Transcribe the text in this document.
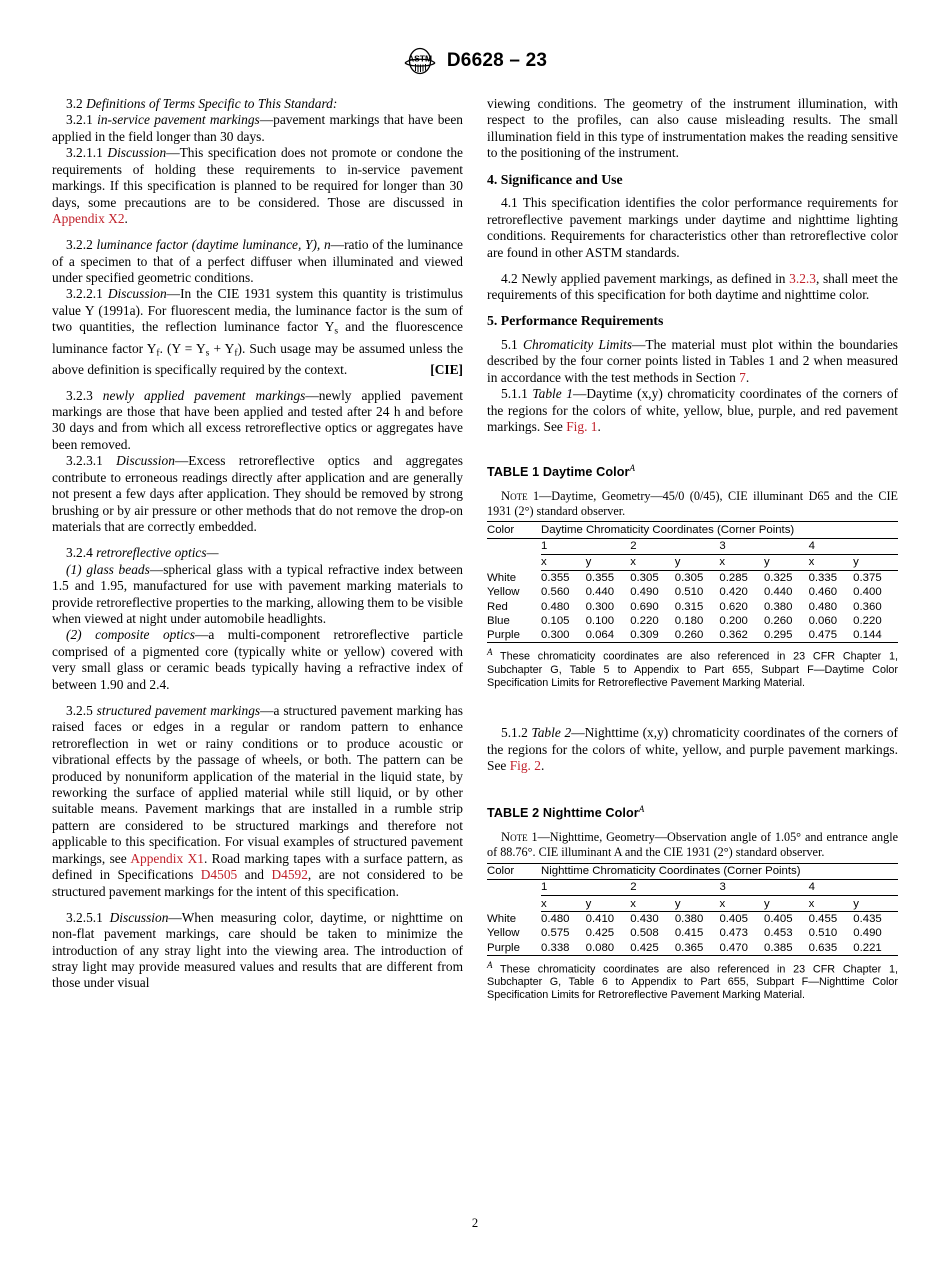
ASTM D6628 – 23

3.2 Definitions of Terms Specific to This Standard:

3.2.1 in-service pavement markings—pavement markings that have been applied in the field longer than 30 days.

3.2.1.1 Discussion—This specification does not promote or condone the requirements of holding these requirements to in-service pavement markings. If this specification is planned to be required for longer than 30 days, some precautions are to be considered. Those are discussed in Appendix X2.

3.2.2 luminance factor (daytime luminance, Y), n—ratio of the luminance of a specimen to that of a perfect diffuser when illuminated and viewed under specified geometric conditions.

3.2.2.1 Discussion—In the CIE 1931 system this quantity is tristimulus value Y (1991a). For fluorescent media, the luminance factor is the sum of two quantities, the reflection luminance factor $Y_s$ and the fluorescence luminance factor $Y_f$. $(Y = Y_s + Y_f)$. Such usage may be assumed unless the above definition is specifically required by the context.	[CIE]

3.2.3 newly applied pavement markings—newly applied pavement markings are those that have been applied and tested after 24 h and before 30 days and from which all excess retroreflective optics or aggregates have been removed.

3.2.3.1 Discussion—Excess retroreflective optics and aggregates contribute to erroneous readings directly after application and are generally not present a few days after application. They should be removed by strong brushing or by air pressure or other methods that do not remove the drop-on materials that are correctly embedded.

3.2.4 retroreflective optics—

(1) glass beads—spherical glass with a typical refractive index between 1.5 and 1.95, manufactured for use with pavement marking materials to provide retroreflective properties to the marking, allowing them to be visible when viewed at night under automobile headlights.

(2) composite optics—a multi-component retroreflective particle comprised of a pigmented core (typically white or yellow) covered with very small glass or ceramic beads typically having a refractive index of between 1.90 and 2.4.

3.2.5 structured pavement markings—a structured pavement marking has raised faces or edges in a regular or random pattern to enhance retroreflection in wet or rainy conditions or to produce acoustic or vibrational effects by the passage of wheels, or both. The pattern can be produced by nonuniform application of the material in the liquid state, by reworking the surface of applied material while still liquid, or by other suitable means. Pavement markings that are installed in a rumble strip pattern are considered to be structured markings and therefore not applicable to this specification. For visual examples of structured pavement markings, see Appendix X1. Road marking tapes with a surface pattern, as defined in Specifications D4505 and D4592, are not considered to be structured pavement markings for the intent of this specification.

3.2.5.1 Discussion—When measuring color, daytime, or nighttime on non-flat pavement markings, care should be taken to minimize the introduction of any stray light into the viewing area. The introduction of stray light may provide measured values and results that are different from those under visual

viewing conditions. The geometry of the instrument illumination, with respect to the profiles, can also cause misleading results. The small illumination field in this type of instrumentation makes the reading sensitive to the positioning of the instrument.

4. Significance and Use

4.1 This specification identifies the color performance requirements for retroreflective pavement markings under daytime and nighttime lighting conditions. Requirements for characteristics other than retroreflective color are found in other ASTM standards.

4.2 Newly applied pavement markings, as defined in 3.2.3, shall meet the requirements of this specification for both daytime and nighttime color.

5. Performance Requirements

5.1 Chromaticity Limits—The material must plot within the boundaries described by the four corner points listed in Tables 1 and 2 when measured in accordance with the test methods in Section 7.

5.1.1 Table 1—Daytime (x,y) chromaticity coordinates of the corners of the regions for the colors of white, yellow, blue, purple, and red pavement markings. See Fig. 1.

TABLE 1 Daytime Color$^A$
Note 1—Daytime, Geometry—45/0 (0/45), CIE illuminant D65 and the CIE 1931 (2°) standard observer.
Color	Daytime Chromaticity Coordinates (Corner Points)							
	1		2		3		4	
	x	y	x	y	x	y	x	y
White	0.355	0.355	0.305	0.305	0.285	0.325	0.335	0.375
Yellow	0.560	0.440	0.490	0.510	0.420	0.440	0.460	0.400
Red	0.480	0.300	0.690	0.315	0.620	0.380	0.480	0.360
Blue	0.105	0.100	0.220	0.180	0.200	0.260	0.060	0.220
Purple	0.300	0.064	0.309	0.260	0.362	0.295	0.475	0.144
$^A$ These chromaticity coordinates are also referenced in 23 CFR Chapter 1, Subchapter G, Table 5 to Appendix to Part 655, Subpart F—Daytime Color Specification Limits for Retroreflective Pavement Marking Material.

5.1.2 Table 2—Nighttime (x,y) chromaticity coordinates of the corners of the regions for the colors of white, yellow, and purple pavement markings. See Fig. 2.

TABLE 2 Nighttime Color$^A$
Note 1—Nighttime, Geometry—Observation angle of 1.05° and entrance angle of 88.76°. CIE illuminant A and the CIE 1931 (2°) standard observer.
Color	Nighttime Chromaticity Coordinates (Corner Points)							
	1		2		3		4	
	x	y	x	y	x	y	x	y
White	0.480	0.410	0.430	0.380	0.405	0.405	0.455	0.435
Yellow	0.575	0.425	0.508	0.415	0.473	0.453	0.510	0.490
Purple	0.338	0.080	0.425	0.365	0.470	0.385	0.635	0.221
$^A$ These chromaticity coordinates are also referenced in 23 CFR Chapter 1, Subchapter G, Table 6 to Appendix to Part 655, Subpart F—Nighttime Color Specification Limits for Retroreflective Pavement Marking Material.
2
